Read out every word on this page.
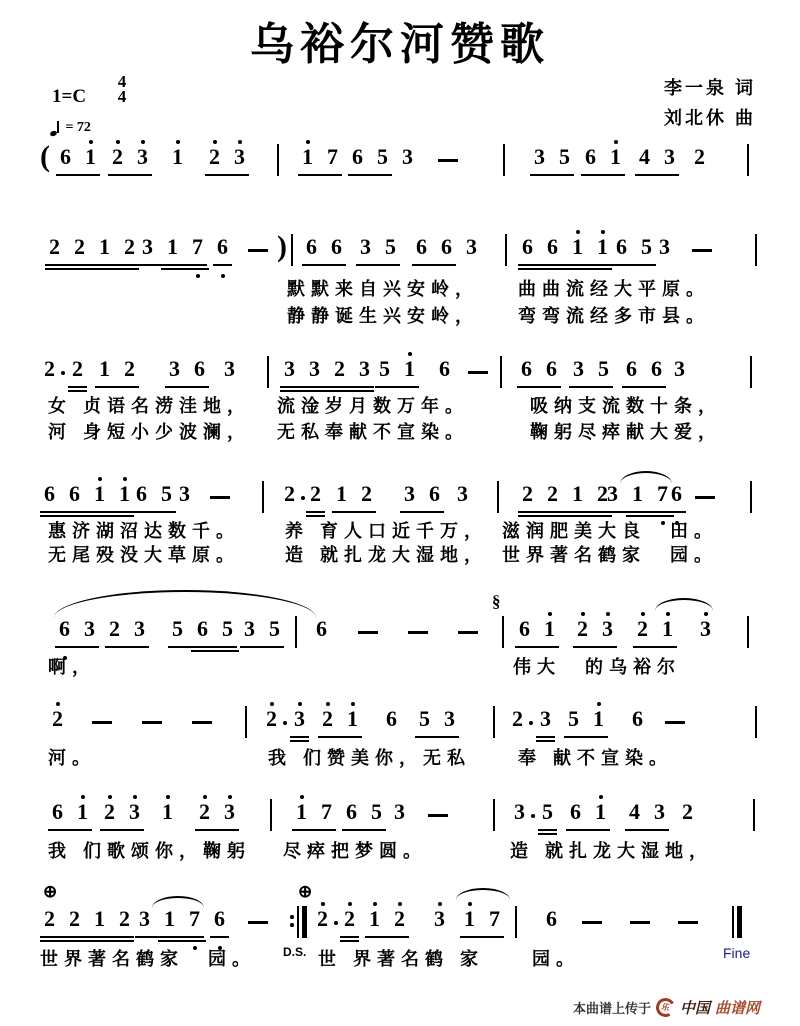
乌裕尔河赞歌
1=C
4
4
= 72
李一泉 词
刘北休 曲
( 6 1 2 3 1 2 3	1 7 6 5 3	3 5 6 1 4 3 2
2 2 1 2 3 1 7 6 ) 6 6 3 5 6 6 3 6 6 1 1 6 5 3
默默来自兴安岭， 曲曲流经大平原。
静静诞生兴安岭， 弯弯流经多市县。
2 2 1 2 3 6 3 3 3 2 3 5 1 6	6 6 3 5 6 6 3
女 贞语名涝洼地， 流淦岁月数万年。	吸纳支流数十条，
河 身短小少波澜， 无私奉献不宣染。	鞠躬尽瘁献大爱，
6 6 1 1 6 5 3	2 2 1 2 3 6 3 2 2 1 2 3 1 7 6
惠济湖沼达数千。	养 育人口近千万， 滋润肥美大良　田。
无尾殁没大草原。	造 就扎龙大湿地， 世界著名鹤家　园。
§
6 3 2 3 5 6 5 3 5 6	6 1 2 3 2 1 3
啊，	伟大　的乌裕尔
2	2 3 2 1 6 5 3	2 3 5 1 6
河。	我 们赞美你，无私	奉 献不宣染。
6 1 2 3 1 2 3	1 7 6 5 3	3 5 6 1 4 3 2
我 们歌颂你，鞠躬 尽瘁把梦圆。	造 就扎龙大湿地，
⊕	⊕
2 2 1 2 3 1 7 6	2 2 1 2 3 1 7 6
世界著名鹤家　园。 D.S. 世 界著名鹤 家　　园。	Fine
本曲谱上传于	乐 中国 曲谱网
